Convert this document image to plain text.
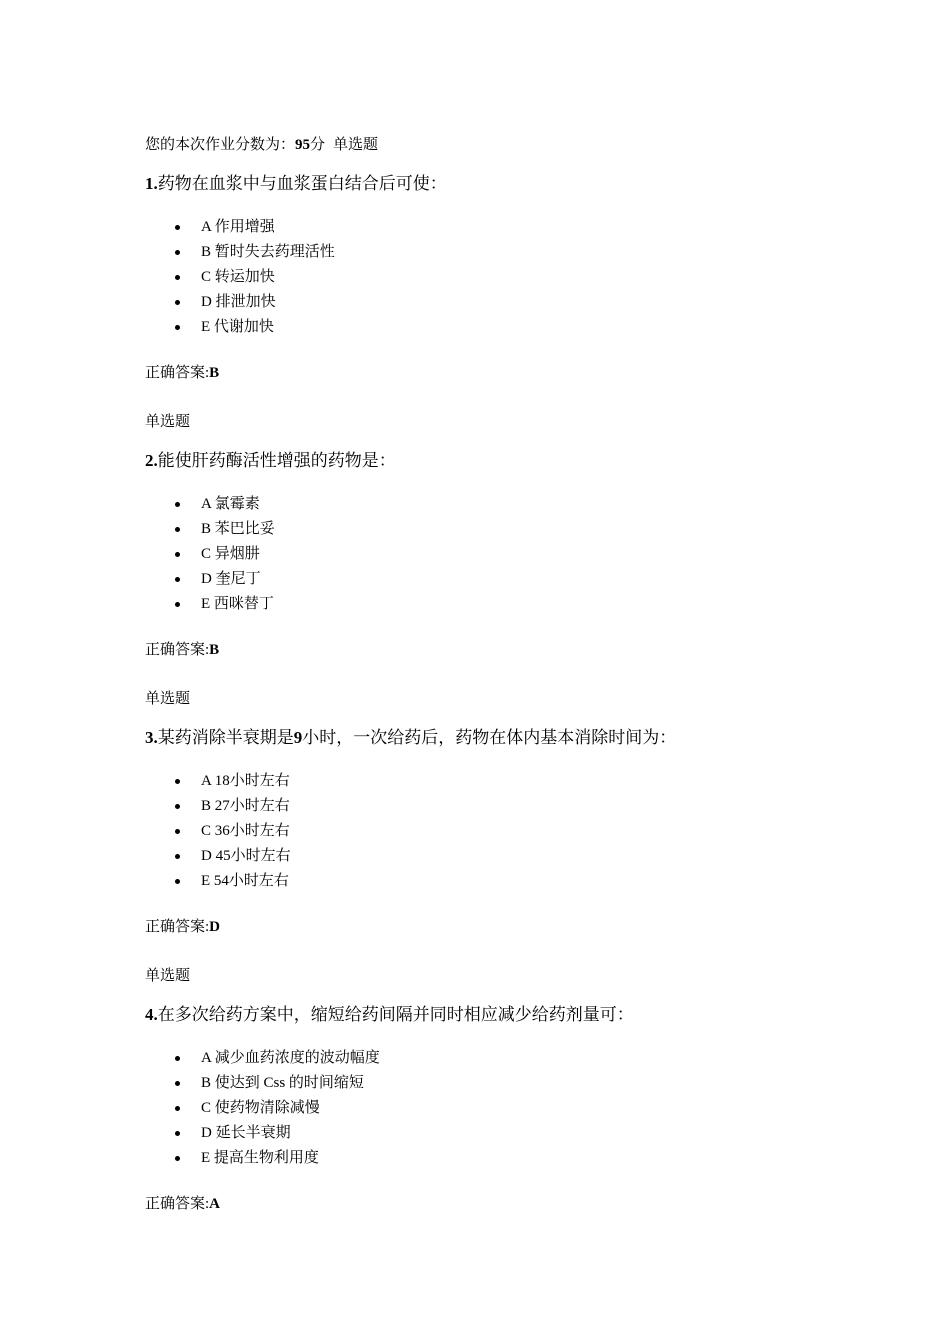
您的本次作业分数为：95分 单选题
1.药物在血浆中与血浆蛋白结合后可使：
A 作用增强
B 暂时失去药理活性
C 转运加快
D 排泄加快
E 代谢加快
正确答案:B
单选题
2.能使肝药酶活性增强的药物是：
A 氯霉素
B 苯巴比妥
C 异烟肼
D 奎尼丁
E 西咪替丁
正确答案:B
单选题
3.某药消除半衰期是9小时，一次给药后，药物在体内基本消除时间为：
A 18小时左右
B 27小时左右
C 36小时左右
D 45小时左右
E 54小时左右
正确答案:D
单选题
4.在多次给药方案中，缩短给药间隔并同时相应减少给药剂量可：
A 减少血药浓度的波动幅度
B 使达到 Css 的时间缩短
C 使药物清除减慢
D 延长半衰期
E 提高生物利用度
正确答案:A
